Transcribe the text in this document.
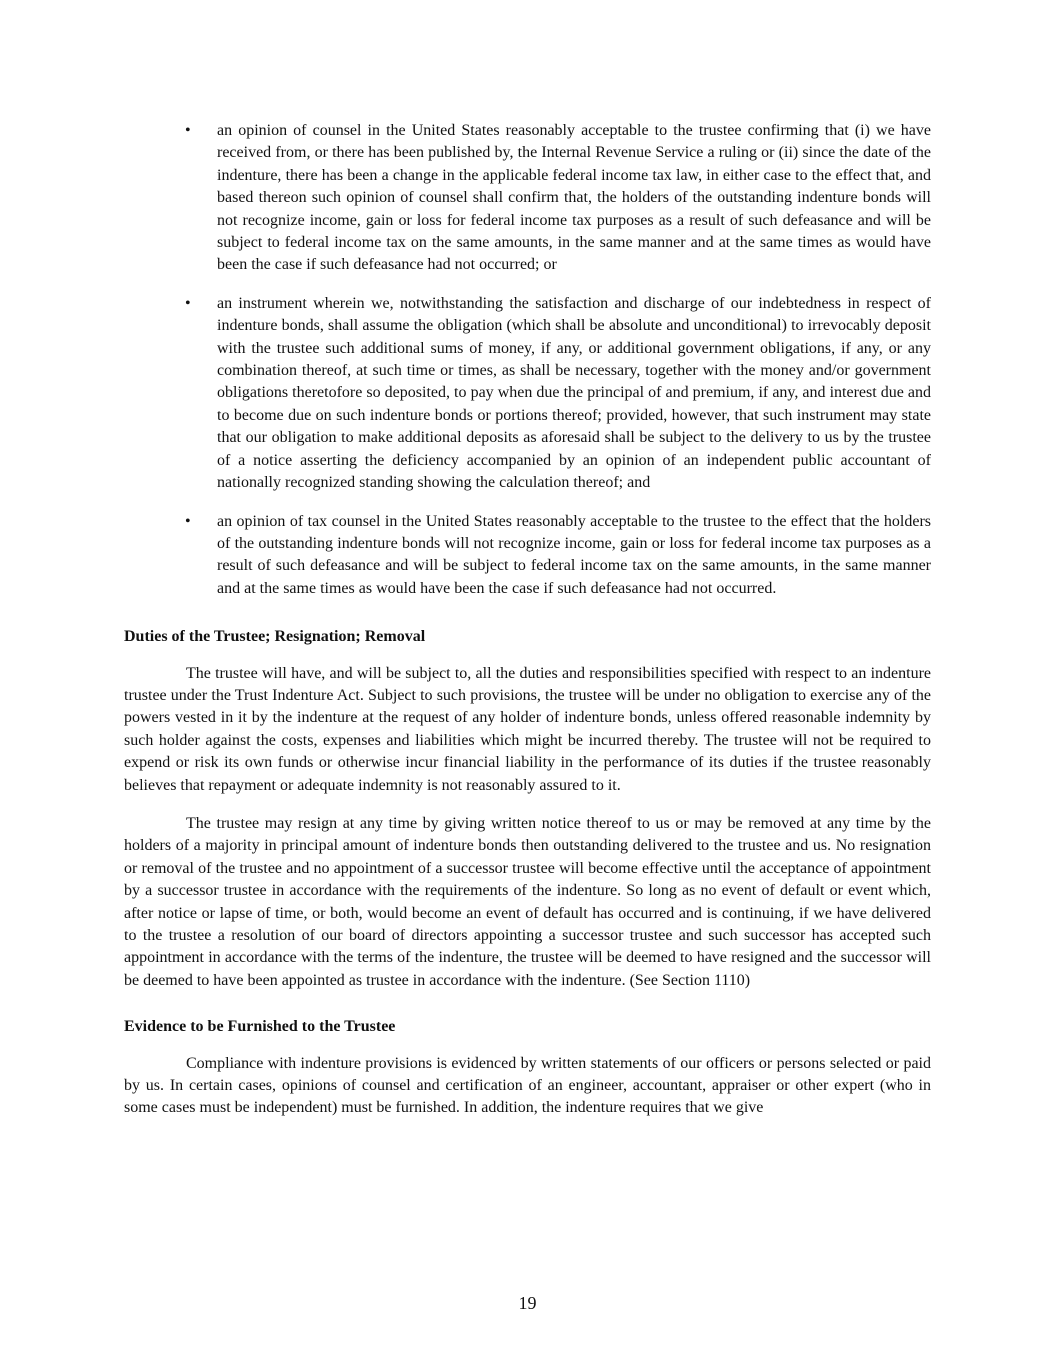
• an opinion of counsel in the United States reasonably acceptable to the trustee confirming that (i) we have received from, or there has been published by, the Internal Revenue Service a ruling or (ii) since the date of the indenture, there has been a change in the applicable federal income tax law, in either case to the effect that, and based thereon such opinion of counsel shall confirm that, the holders of the outstanding indenture bonds will not recognize income, gain or loss for federal income tax purposes as a result of such defeasance and will be subject to federal income tax on the same amounts, in the same manner and at the same times as would have been the case if such defeasance had not occurred; or
• an instrument wherein we, notwithstanding the satisfaction and discharge of our indebtedness in respect of indenture bonds, shall assume the obligation (which shall be absolute and unconditional) to irrevocably deposit with the trustee such additional sums of money, if any, or additional government obligations, if any, or any combination thereof, at such time or times, as shall be necessary, together with the money and/or government obligations theretofore so deposited, to pay when due the principal of and premium, if any, and interest due and to become due on such indenture bonds or portions thereof; provided, however, that such instrument may state that our obligation to make additional deposits as aforesaid shall be subject to the delivery to us by the trustee of a notice asserting the deficiency accompanied by an opinion of an independent public accountant of nationally recognized standing showing the calculation thereof; and
• an opinion of tax counsel in the United States reasonably acceptable to the trustee to the effect that the holders of the outstanding indenture bonds will not recognize income, gain or loss for federal income tax purposes as a result of such defeasance and will be subject to federal income tax on the same amounts, in the same manner and at the same times as would have been the case if such defeasance had not occurred.
Duties of the Trustee; Resignation; Removal

The trustee will have, and will be subject to, all the duties and responsibilities specified with respect to an indenture trustee under the Trust Indenture Act. Subject to such provisions, the trustee will be under no obligation to exercise any of the powers vested in it by the indenture at the request of any holder of indenture bonds, unless offered reasonable indemnity by such holder against the costs, expenses and liabilities which might be incurred thereby. The trustee will not be required to expend or risk its own funds or otherwise incur financial liability in the performance of its duties if the trustee reasonably believes that repayment or adequate indemnity is not reasonably assured to it.

The trustee may resign at any time by giving written notice thereof to us or may be removed at any time by the holders of a majority in principal amount of indenture bonds then outstanding delivered to the trustee and us. No resignation or removal of the trustee and no appointment of a successor trustee will become effective until the acceptance of appointment by a successor trustee in accordance with the requirements of the indenture. So long as no event of default or event which, after notice or lapse of time, or both, would become an event of default has occurred and is continuing, if we have delivered to the trustee a resolution of our board of directors appointing a successor trustee and such successor has accepted such appointment in accordance with the terms of the indenture, the trustee will be deemed to have resigned and the successor will be deemed to have been appointed as trustee in accordance with the indenture. (See Section 1110)

Evidence to be Furnished to the Trustee

Compliance with indenture provisions is evidenced by written statements of our officers or persons selected or paid by us. In certain cases, opinions of counsel and certification of an engineer, accountant, appraiser or other expert (who in some cases must be independent) must be furnished. In addition, the indenture requires that we give

19
